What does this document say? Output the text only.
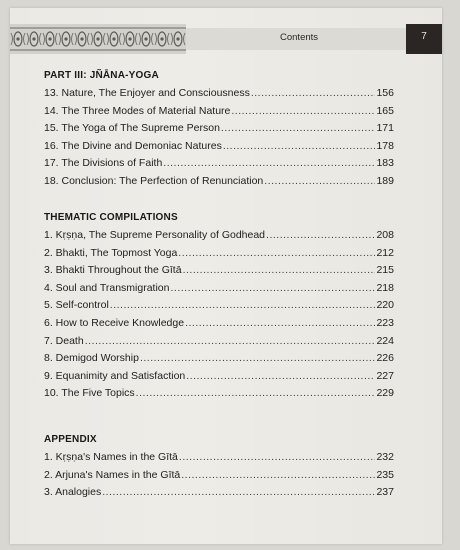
Contents	7
PART III: JÑĀNA-YOGA
13. Nature, The Enjoyer and Consciousness .....	156
14. The Three Modes of Material Nature .....	165
15. The Yoga of The Supreme Person .....	171
16. The Divine and Demoniac Natures .....	178
17. The Divisions of Faith .....	183
18. Conclusion: The Perfection of Renunciation .....	189
THEMATIC COMPILATIONS
1. Kṛṣṇa, The Supreme Personality of Godhead .....	208
2. Bhakti, The Topmost Yoga .....	212
3. Bhakti Throughout the Gītā .....	215
4. Soul and Transmigration .....	218
5. Self-control .....	220
6. How to Receive Knowledge .....	223
7. Death .....	224
8. Demigod Worship .....	226
9. Equanimity and Satisfaction .....	227
10. The Five Topics .....	229
APPENDIX
1. Kṛṣṇa's Names in the Gītā .....	232
2. Arjuna's Names in the Gītā .....	235
3. Analogies .....	237
